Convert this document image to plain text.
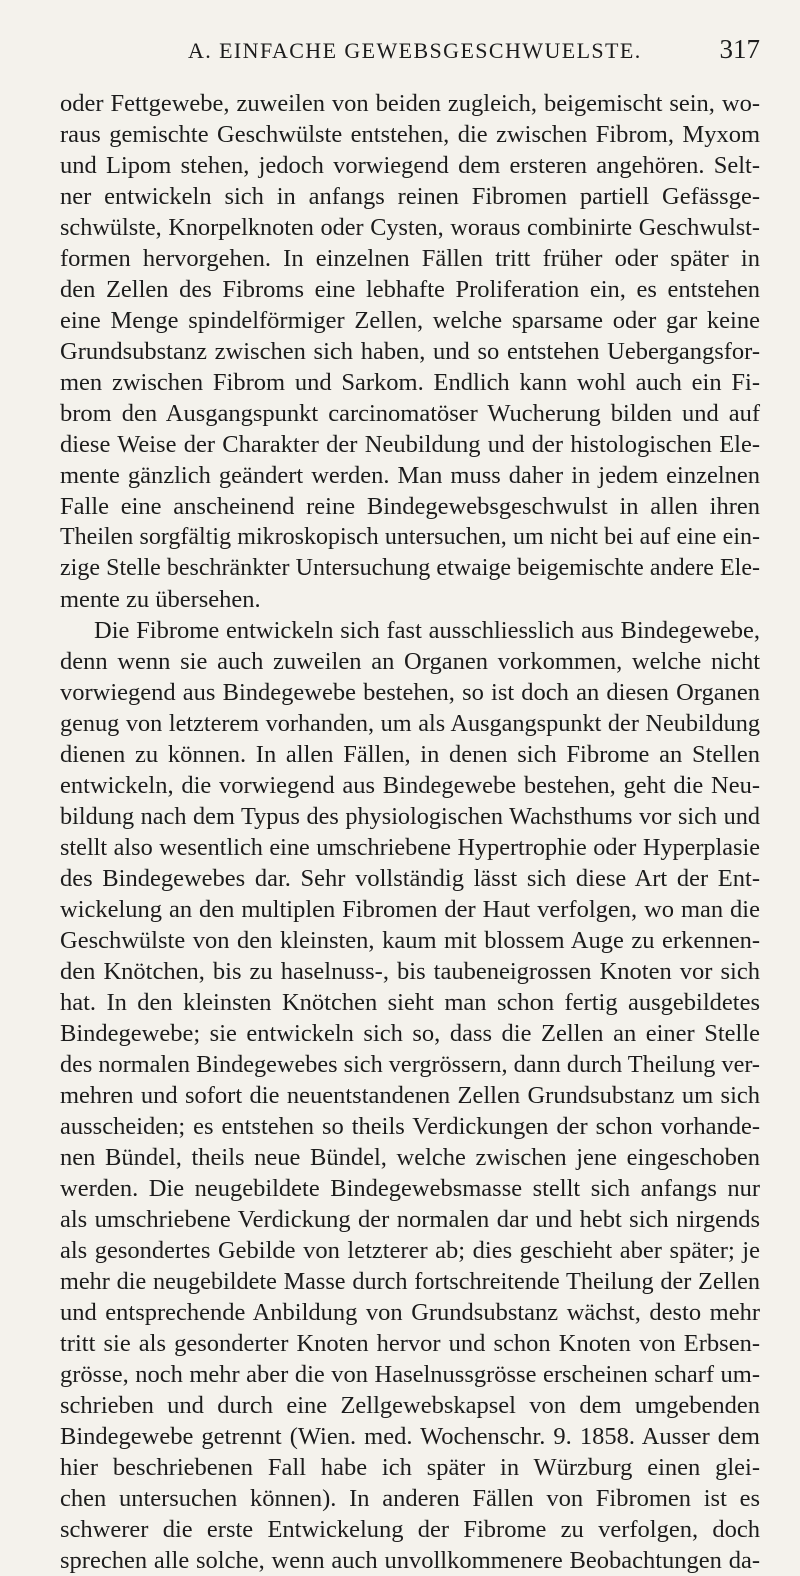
A. EINFACHE GEWEBSGESCHWUELSTE.	317
oder Fettgewebe, zuweilen von beiden zugleich, beigemischt sein, wo-
raus gemischte Geschwülste entstehen, die zwischen Fibrom, Myxom
und Lipom stehen, jedoch vorwiegend dem ersteren angehören. Selt-
ner entwickeln sich in anfangs reinen Fibromen partiell Gefässge-
schwülste, Knorpelknoten oder Cysten, woraus combinirte Geschwulst-
formen hervorgehen. In einzelnen Fällen tritt früher oder später in
den Zellen des Fibroms eine lebhafte Proliferation ein, es entstehen
eine Menge spindelförmiger Zellen, welche sparsame oder gar keine
Grundsubstanz zwischen sich haben, und so entstehen Uebergangsfor-
men zwischen Fibrom und Sarkom. Endlich kann wohl auch ein Fi-
brom den Ausgangspunkt carcinomatöser Wucherung bilden und auf
diese Weise der Charakter der Neubildung und der histologischen Ele-
mente gänzlich geändert werden. Man muss daher in jedem einzelnen
Falle eine anscheinend reine Bindegewebsgeschwulst in allen ihren
Theilen sorgfältig mikroskopisch untersuchen, um nicht bei auf eine ein-
zige Stelle beschränkter Untersuchung etwaige beigemischte andere Ele-
mente zu übersehen.
Die Fibrome entwickeln sich fast ausschliesslich aus Bindegewebe,
denn wenn sie auch zuweilen an Organen vorkommen, welche nicht
vorwiegend aus Bindegewebe bestehen, so ist doch an diesen Organen
genug von letzterem vorhanden, um als Ausgangspunkt der Neubildung
dienen zu können. In allen Fällen, in denen sich Fibrome an Stellen
entwickeln, die vorwiegend aus Bindegewebe bestehen, geht die Neu-
bildung nach dem Typus des physiologischen Wachsthums vor sich und
stellt also wesentlich eine umschriebene Hypertrophie oder Hyperplasie
des Bindegewebes dar. Sehr vollständig lässt sich diese Art der Ent-
wickelung an den multiplen Fibromen der Haut verfolgen, wo man die
Geschwülste von den kleinsten, kaum mit blossem Auge zu erkennen-
den Knötchen, bis zu haselnuss-, bis taubeneigrossen Knoten vor sich
hat. In den kleinsten Knötchen sieht man schon fertig ausgebildetes
Bindegewebe; sie entwickeln sich so, dass die Zellen an einer Stelle
des normalen Bindegewebes sich vergrössern, dann durch Theilung ver-
mehren und sofort die neuentstandenen Zellen Grundsubstanz um sich
ausscheiden; es entstehen so theils Verdickungen der schon vorhande-
nen Bündel, theils neue Bündel, welche zwischen jene eingeschoben
werden. Die neugebildete Bindegewebsmasse stellt sich anfangs nur
als umschriebene Verdickung der normalen dar und hebt sich nirgends
als gesondertes Gebilde von letzterer ab; dies geschieht aber später; je
mehr die neugebildete Masse durch fortschreitende Theilung der Zellen
und entsprechende Anbildung von Grundsubstanz wächst, desto mehr
tritt sie als gesonderter Knoten hervor und schon Knoten von Erbsen-
grösse, noch mehr aber die von Haselnussgrösse erscheinen scharf um-
schrieben und durch eine Zellgewebskapsel von dem umgebenden
Bindegewebe getrennt (Wien. med. Wochenschr. 9. 1858. Ausser dem
hier beschriebenen Fall habe ich später in Würzburg einen glei-
chen untersuchen können). In anderen Fällen von Fibromen ist es
schwerer die erste Entwickelung der Fibrome zu verfolgen, doch
sprechen alle solche, wenn auch unvollkommenere Beobachtungen da-
